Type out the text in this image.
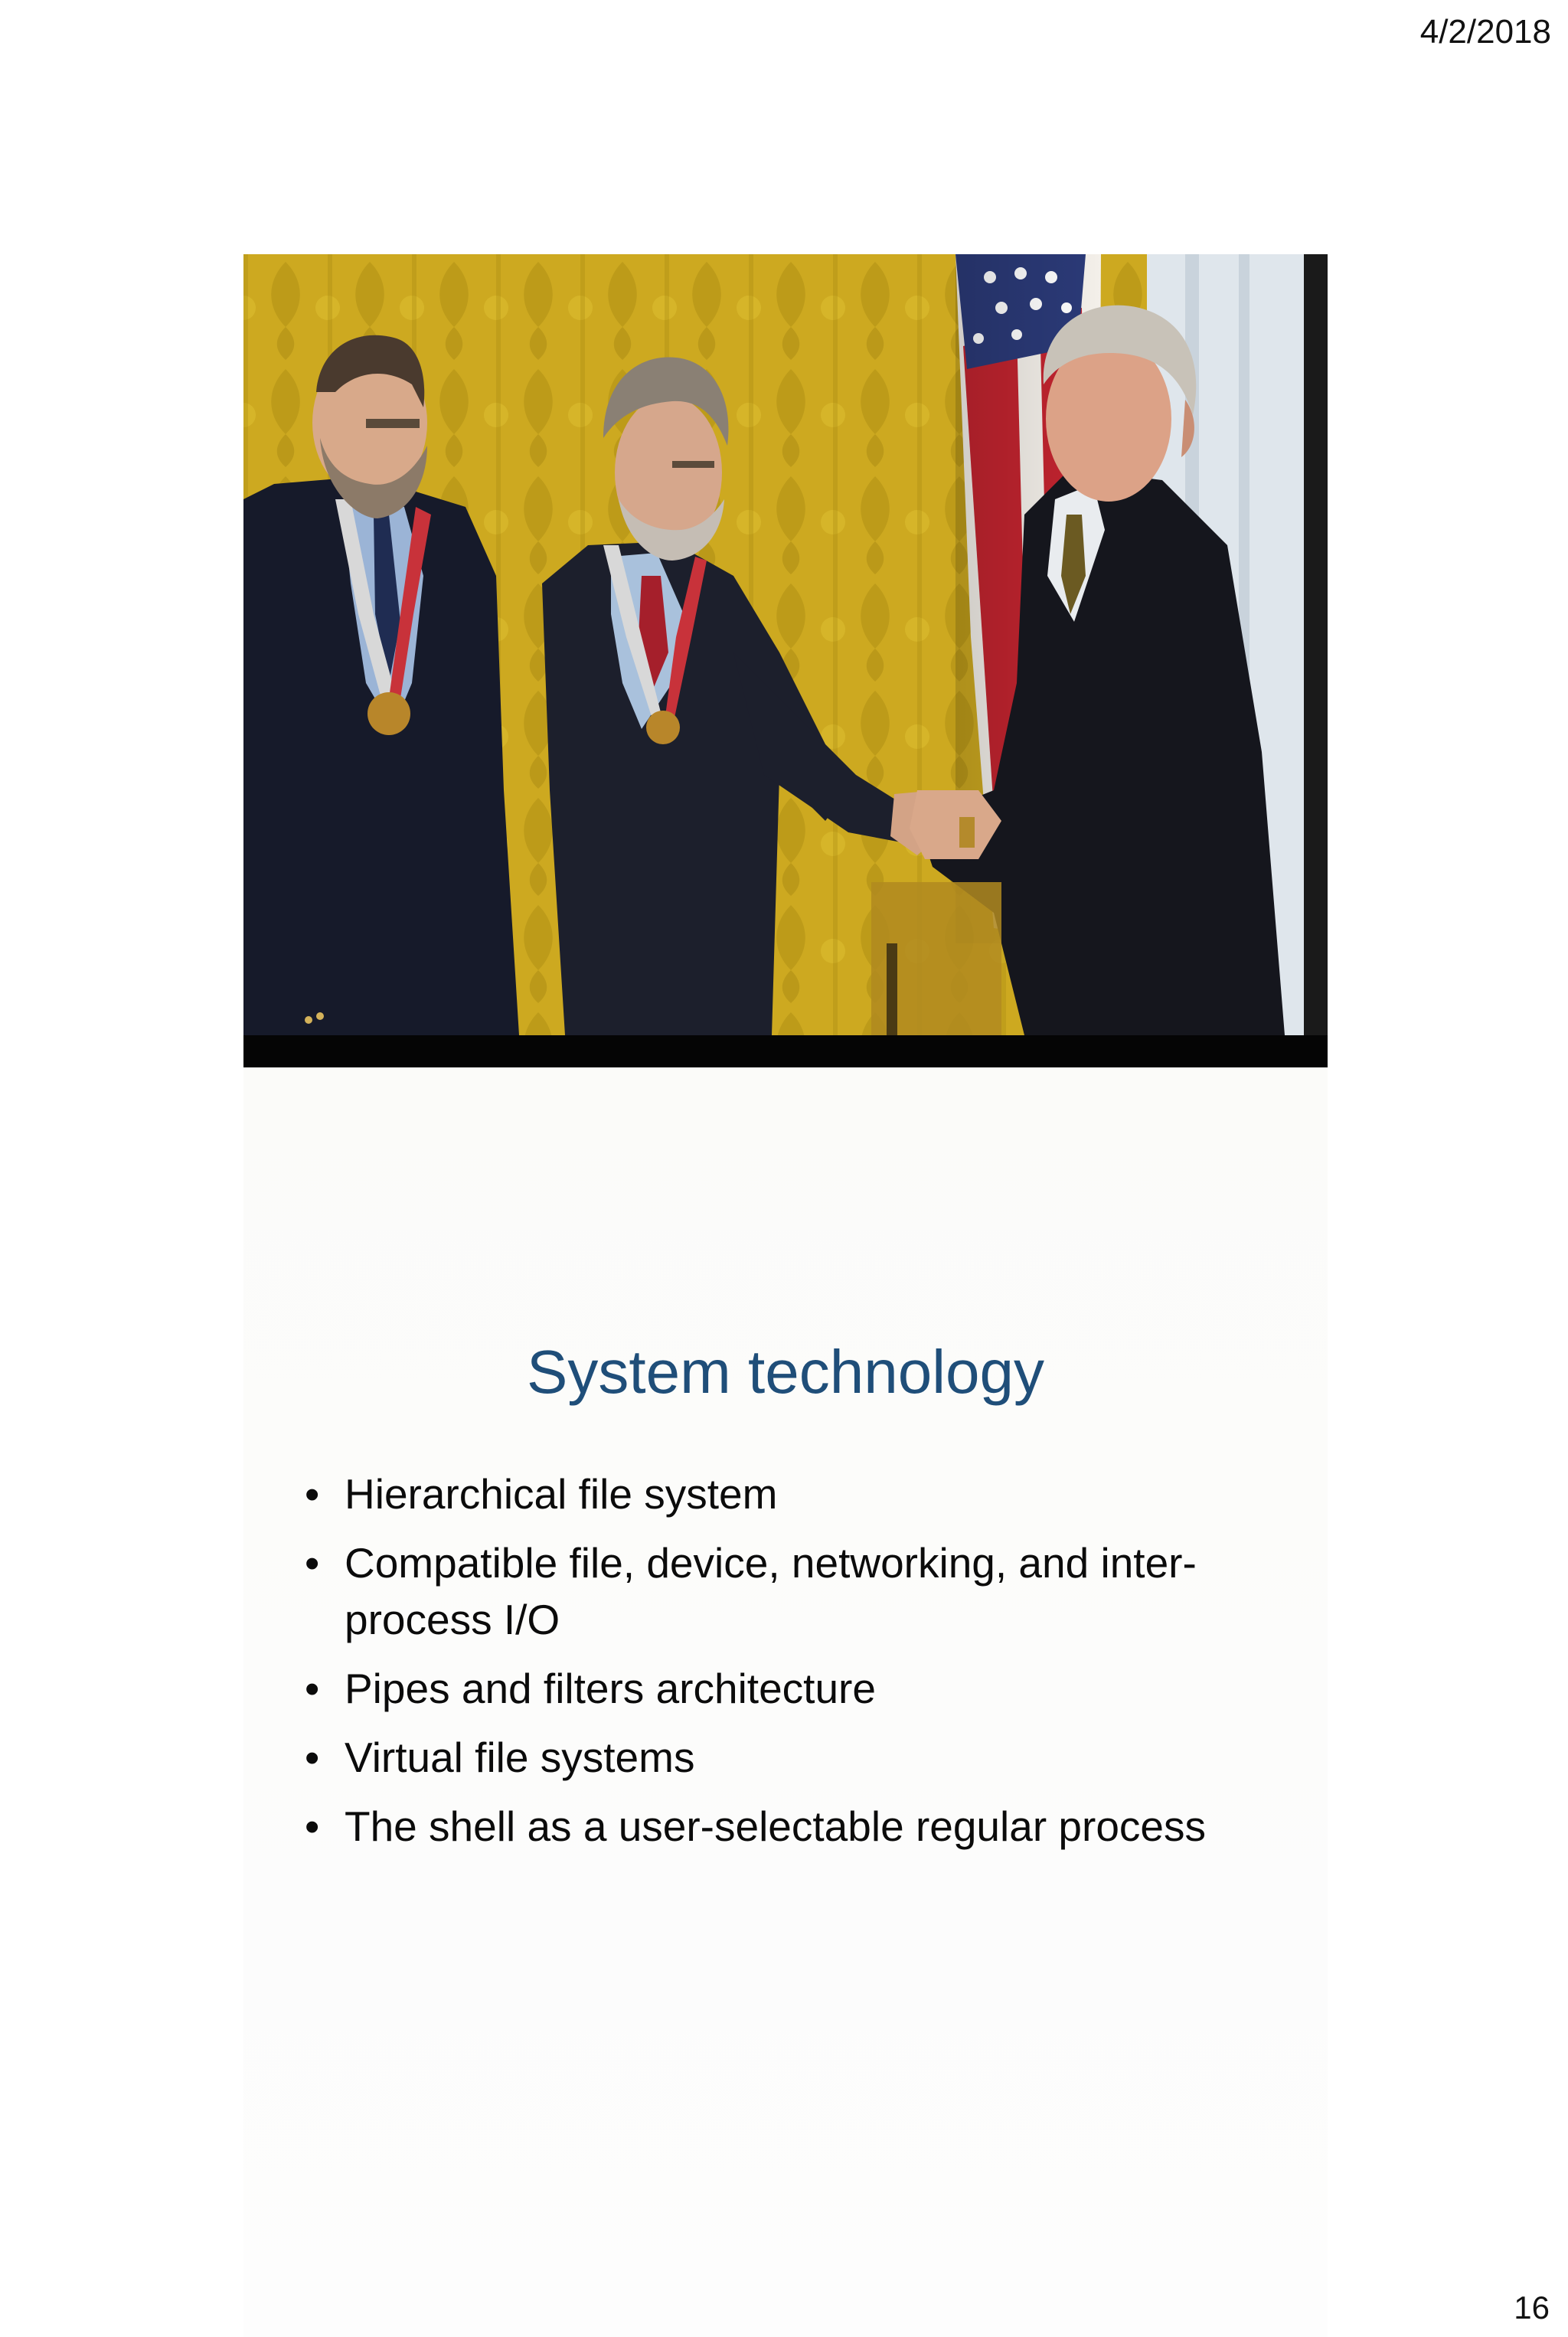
4/2/2018
System technology
• Hierarchical file system
• Compatible file, device, networking, and inter-process I/O
• Pipes and filters architecture
• Virtual file systems
• The shell as a user-selectable regular process
16
